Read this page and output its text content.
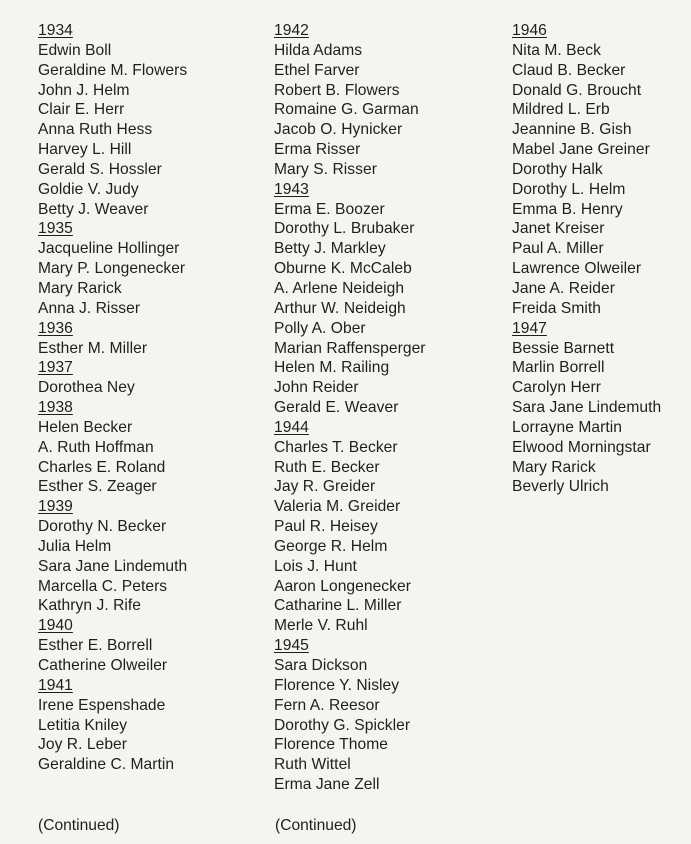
1934
Edwin Boll
Geraldine M. Flowers
John J. Helm
Clair E. Herr
Anna Ruth Hess
Harvey L. Hill
Gerald S. Hossler
Goldie V. Judy
Betty J. Weaver
1935
Jacqueline Hollinger
Mary P. Longenecker
Mary Rarick
Anna J. Risser
1936
Esther M. Miller
1937
Dorothea Ney
1938
Helen Becker
A. Ruth Hoffman
Charles E. Roland
Esther S. Zeager
1939
Dorothy N. Becker
Julia Helm
Sara Jane Lindemuth
Marcella C. Peters
Kathryn J. Rife
1940
Esther E. Borrell
Catherine Olweiler
1941
Irene Espenshade
Letitia Kniley
Joy R. Leber
Geraldine C. Martin
1942
Hilda Adams
Ethel Farver
Robert B. Flowers
Romaine G. Garman
Jacob O. Hynicker
Erma Risser
Mary S. Risser
1943
Erma E. Boozer
Dorothy L. Brubaker
Betty J. Markley
Oburne K. McCaleb
A. Arlene Neideigh
Arthur W. Neideigh
Polly A. Ober
Marian Raffensperger
Helen M. Railing
John Reider
Gerald E. Weaver
1944
Charles T. Becker
Ruth E. Becker
Jay R. Greider
Valeria M. Greider
Paul R. Heisey
George R. Helm
Lois J. Hunt
Aaron Longenecker
Catharine L. Miller
Merle V. Ruhl
1945
Sara Dickson
Florence Y. Nisley
Fern A. Reesor
Dorothy G. Spickler
Florence Thome
Ruth Wittel
Erma Jane Zell
1946
Nita M. Beck
Claud B. Becker
Donald G. Broucht
Mildred L. Erb
Jeannine B. Gish
Mabel Jane Greiner
Dorothy Halk
Dorothy L. Helm
Emma B. Henry
Janet Kreiser
Paul A. Miller
Lawrence Olweiler
Jane A. Reider
Freida Smith
1947
Bessie Barnett
Marlin Borrell
Carolyn Herr
Sara Jane Lindemuth
Lorrayne Martin
Elwood Morningstar
Mary Rarick
Beverly Ulrich
(Continued)	(Continued)
